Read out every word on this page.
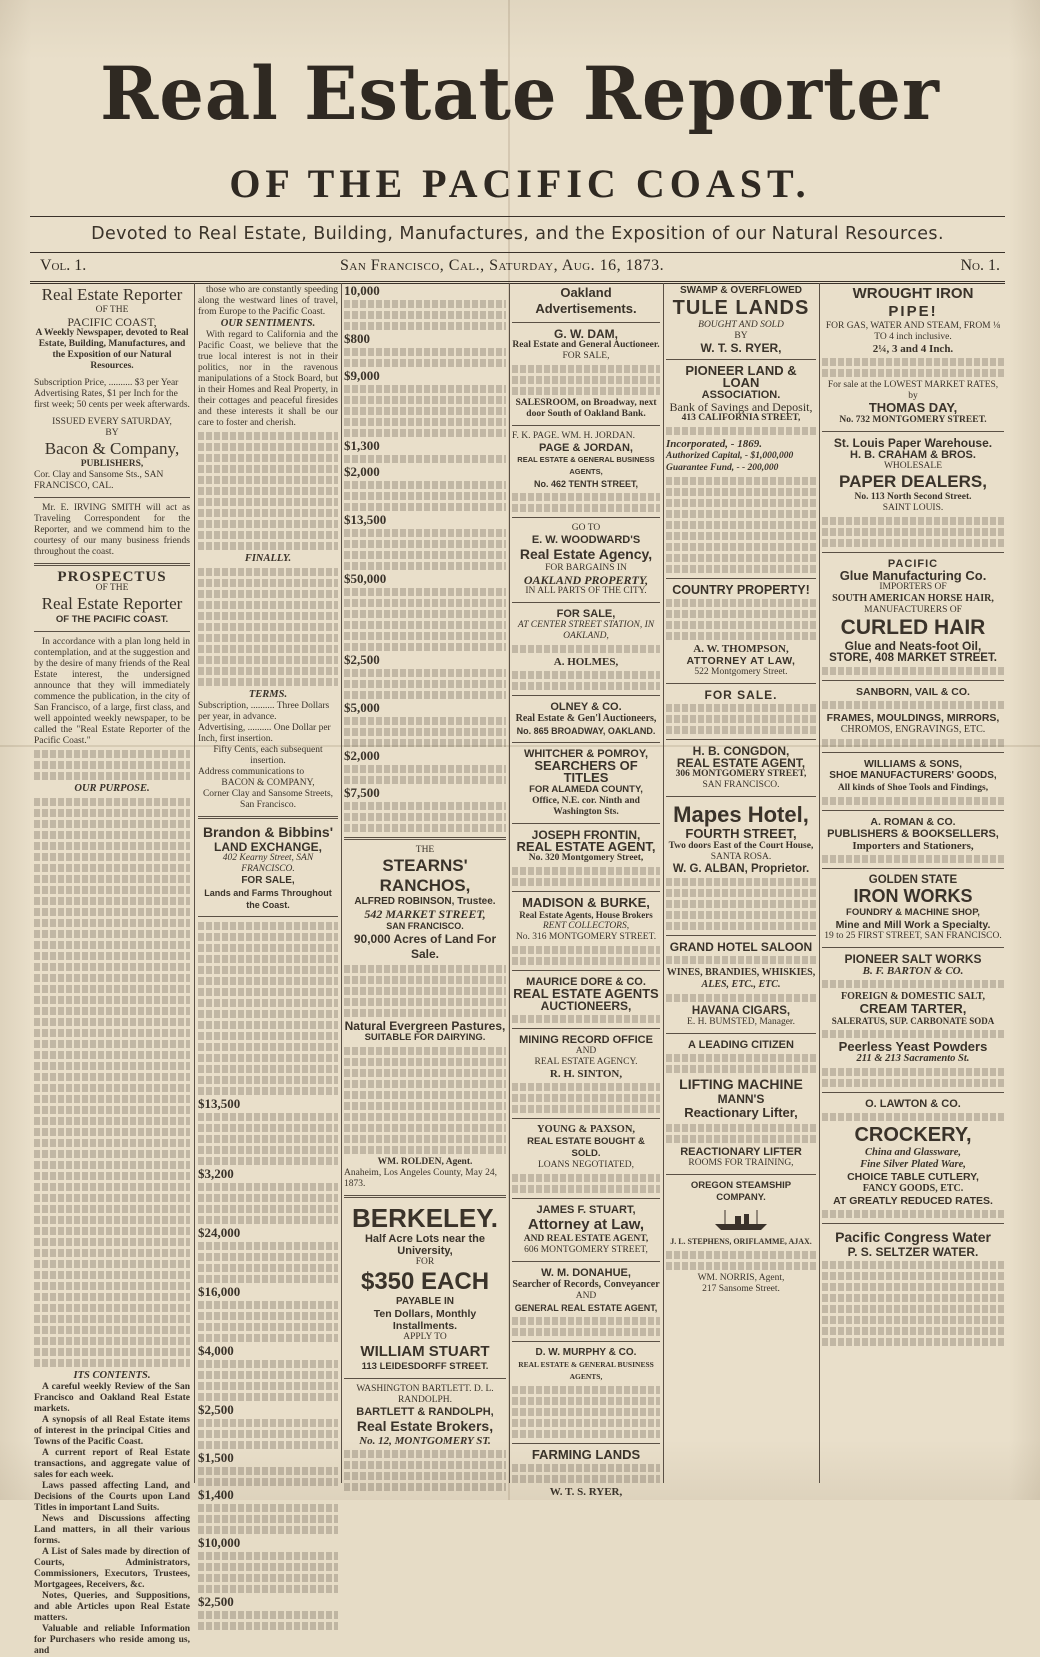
Real Estate Reporter
OF THE PACIFIC COAST.
Devoted to Real Estate, Building, Manufactures, and the Exposition of our Natural Resources.
Vol. 1.	San Francisco, Cal., Saturday, Aug. 16, 1873.	No. 1.
Real Estate Reporter
OF THE
PACIFIC COAST,
A Weekly Newspaper, devoted to Real Estate, Building, Manufactures, and the Exposition of our Natural Resources.
Subscription Price, .......... $3 per Year
Advertising Rates, $1 per Inch for the first week; 50 cents per week afterwards.
ISSUED EVERY SATURDAY,
BY
Bacon & Company,
PUBLISHERS,
Cor. Clay and Sansome Sts., SAN FRANCISCO, CAL.
Mr. E. IRVING SMITH will act as Traveling Correspondent for the Reporter, and we commend him to the courtesy of our many business friends throughout the coast.
PROSPECTUS
OF THE
Real Estate Reporter
OF THE PACIFIC COAST.
In accordance with a plan long held in contemplation, and at the suggestion and by the desire of many friends of the Real Estate interest, the undersigned announce that they will immediately commence the publication, in the city of San Francisco, of a large, first class, and well appointed weekly newspaper, to be called the "Real Estate Reporter of the Pacific Coast."
OUR PURPOSE.
ITS CONTENTS.
A careful weekly Review of the San Francisco and Oakland Real Estate markets.
A synopsis of all Real Estate items of interest in the principal Cities and Towns of the Pacific Coast.
A current report of Real Estate transactions, and aggregate value of sales for each week.
Laws passed affecting Land, and Decisions of the Courts upon Land Titles in important Land Suits.
News and Discussions affecting Land matters, in all their various forms.
A List of Sales made by direction of Courts, Administrators, Commissioners, Executors, Trustees, Mortgagees, Receivers, &c.
Notes, Queries, and Suppositions, and able Articles upon Real Estate matters.
Valuable and reliable Information for Purchasers who reside among us, and
those who are constantly speeding along the westward lines of travel, from Europe to the Pacific Coast.
OUR SENTIMENTS.
With regard to California and the Pacific Coast, we believe that the true local interest is not in their politics, nor in the ravenous manipulations of a Stock Board, but in their Homes and Real Property, in their cottages and peaceful firesides and these interests it shall be our care to foster and cherish.
FINALLY.
TERMS.
Subscription, .......... Three Dollars per year, in advance.
Advertising, .......... One Dollar per Inch, first insertion.
Fifty Cents, each subsequent insertion.
Address communications to
BACON & COMPANY,
Corner Clay and Sansome Streets, San Francisco.
Brandon & Bibbins'
LAND EXCHANGE,
402 Kearny Street, SAN FRANCISCO.
FOR SALE,
Lands and Farms Throughout the Coast.
$13,500
$3,200
$24,000
$16,000
$4,000
$2,500
$1,500
$1,400
$10,000
$2,500
10,000
$800
$9,000
$1,300
$2,000
$13,500
$50,000
$2,500
$5,000
$2,000
$7,500
THE
STEARNS' RANCHOS,
ALFRED ROBINSON, Trustee.
542 MARKET STREET,
SAN FRANCISCO.
90,000 Acres of Land For Sale.
Natural Evergreen Pastures,
SUITABLE FOR DAIRYING.
WM. ROLDEN, Agent.
Anaheim, Los Angeles County, May 24, 1873.
BERKELEY.
Half Acre Lots near the University,
FOR
$350 EACH
PAYABLE IN
Ten Dollars, Monthly Installments.
APPLY TO
WILLIAM STUART
113 LEIDESDORFF STREET.
WASHINGTON BARTLETT. D. L. RANDOLPH.
BARTLETT & RANDOLPH,
Real Estate Brokers,
No. 12, MONTGOMERY ST.
Oakland Advertisements.
G. W. DAM,
Real Estate and General Auctioneer.
FOR SALE,
SALESROOM, on Broadway, next door South of Oakland Bank.
F. K. PAGE. WM. H. JORDAN.
PAGE & JORDAN,
REAL ESTATE & GENERAL BUSINESS AGENTS,
No. 462 TENTH STREET,
GO TO
E. W. WOODWARD'S
Real Estate Agency,
FOR BARGAINS IN
OAKLAND PROPERTY,
IN ALL PARTS OF THE CITY.
FOR SALE,
AT CENTER STREET STATION, IN OAKLAND,
A. HOLMES,
OLNEY & CO.
Real Estate & Gen'l Auctioneers,
No. 865 BROADWAY, OAKLAND.
WHITCHER & POMROY,
SEARCHERS OF TITLES
FOR ALAMEDA COUNTY,
Office, N.E. cor. Ninth and Washington Sts.
JOSEPH FRONTIN,
REAL ESTATE AGENT,
No. 320 Montgomery Street,
MADISON & BURKE,
Real Estate Agents, House Brokers
RENT COLLECTORS,
No. 316 MONTGOMERY STREET.
MAURICE DORE & CO.
REAL ESTATE AGENTS
AUCTIONEERS,
MINING RECORD OFFICE
AND
REAL ESTATE AGENCY.
R. H. SINTON,
YOUNG & PAXSON,
REAL ESTATE BOUGHT & SOLD.
LOANS NEGOTIATED,
JAMES F. STUART,
Attorney at Law,
AND REAL ESTATE AGENT,
606 MONTGOMERY STREET,
W. M. DONAHUE,
Searcher of Records, Conveyancer
AND
GENERAL REAL ESTATE AGENT,
D. W. MURPHY & CO.
REAL ESTATE & GENERAL BUSINESS AGENTS,
FARMING LANDS
W. T. S. RYER,
SWAMP & OVERFLOWED
TULE LANDS
BOUGHT AND SOLD
BY
W. T. S. RYER,
PIONEER LAND & LOAN
ASSOCIATION.
Bank of Savings and Deposit,
413 CALIFORNIA STREET,
Incorporated, - 1869.
Authorized Capital, - $1,000,000
Guarantee Fund, - - 200,000
COUNTRY PROPERTY!
A. W. THOMPSON,
ATTORNEY AT LAW,
522 Montgomery Street.
FOR SALE.
H. B. CONGDON,
REAL ESTATE AGENT,
306 MONTGOMERY STREET,
SAN FRANCISCO.
Mapes Hotel,
FOURTH STREET,
Two doors East of the Court House,
SANTA ROSA.
W. G. ALBAN, Proprietor.
GRAND HOTEL SALOON
WINES, BRANDIES, WHISKIES,
ALES, ETC., ETC.
HAVANA CIGARS,
E. H. BUMSTED, Manager.
A LEADING CITIZEN
LIFTING MACHINE
MANN'S
Reactionary Lifter,
REACTIONARY LIFTER
ROOMS FOR TRAINING,
OREGON STEAMSHIP COMPANY.
J. L. STEPHENS, ORIFLAMME, AJAX.
WM. NORRIS, Agent,
217 Sansome Street.
WROUGHT IRON
PIPE!
FOR GAS, WATER AND STEAM, FROM ⅛ TO 4 inch inclusive.
2¼, 3 and 4 Inch.
For sale at the LOWEST MARKET RATES, by
THOMAS DAY,
No. 732 MONTGOMERY STREET.
St. Louis Paper Warehouse.
H. B. CRAHAM & BROS.
WHOLESALE
PAPER DEALERS,
No. 113 North Second Street.
SAINT LOUIS.
PACIFIC
Glue Manufacturing Co.
IMPORTERS OF
SOUTH AMERICAN HORSE HAIR,
MANUFACTURERS OF
CURLED HAIR
Glue and Neats-foot Oil,
STORE, 408 MARKET STREET.
SANBORN, VAIL & CO.
FRAMES, MOULDINGS, MIRRORS,
CHROMOS, ENGRAVINGS, ETC.
WILLIAMS & SONS,
SHOE MANUFACTURERS' GOODS,
All kinds of Shoe Tools and Findings,
A. ROMAN & CO.
PUBLISHERS & BOOKSELLERS,
Importers and Stationers,
GOLDEN STATE
IRON WORKS
FOUNDRY & MACHINE SHOP,
Mine and Mill Work a Specialty.
19 to 25 FIRST STREET, SAN FRANCISCO.
PIONEER SALT WORKS
B. F. BARTON & CO.
FOREIGN & DOMESTIC SALT,
CREAM TARTER,
SALERATUS, SUP. CARBONATE SODA
Peerless Yeast Powders
211 & 213 Sacramento St.
O. LAWTON & CO.
CROCKERY,
China and Glassware,
Fine Silver Plated Ware,
CHOICE TABLE CUTLERY,
FANCY GOODS, ETC.
AT GREATLY REDUCED RATES.
Pacific Congress Water
P. S. SELTZER WATER.
